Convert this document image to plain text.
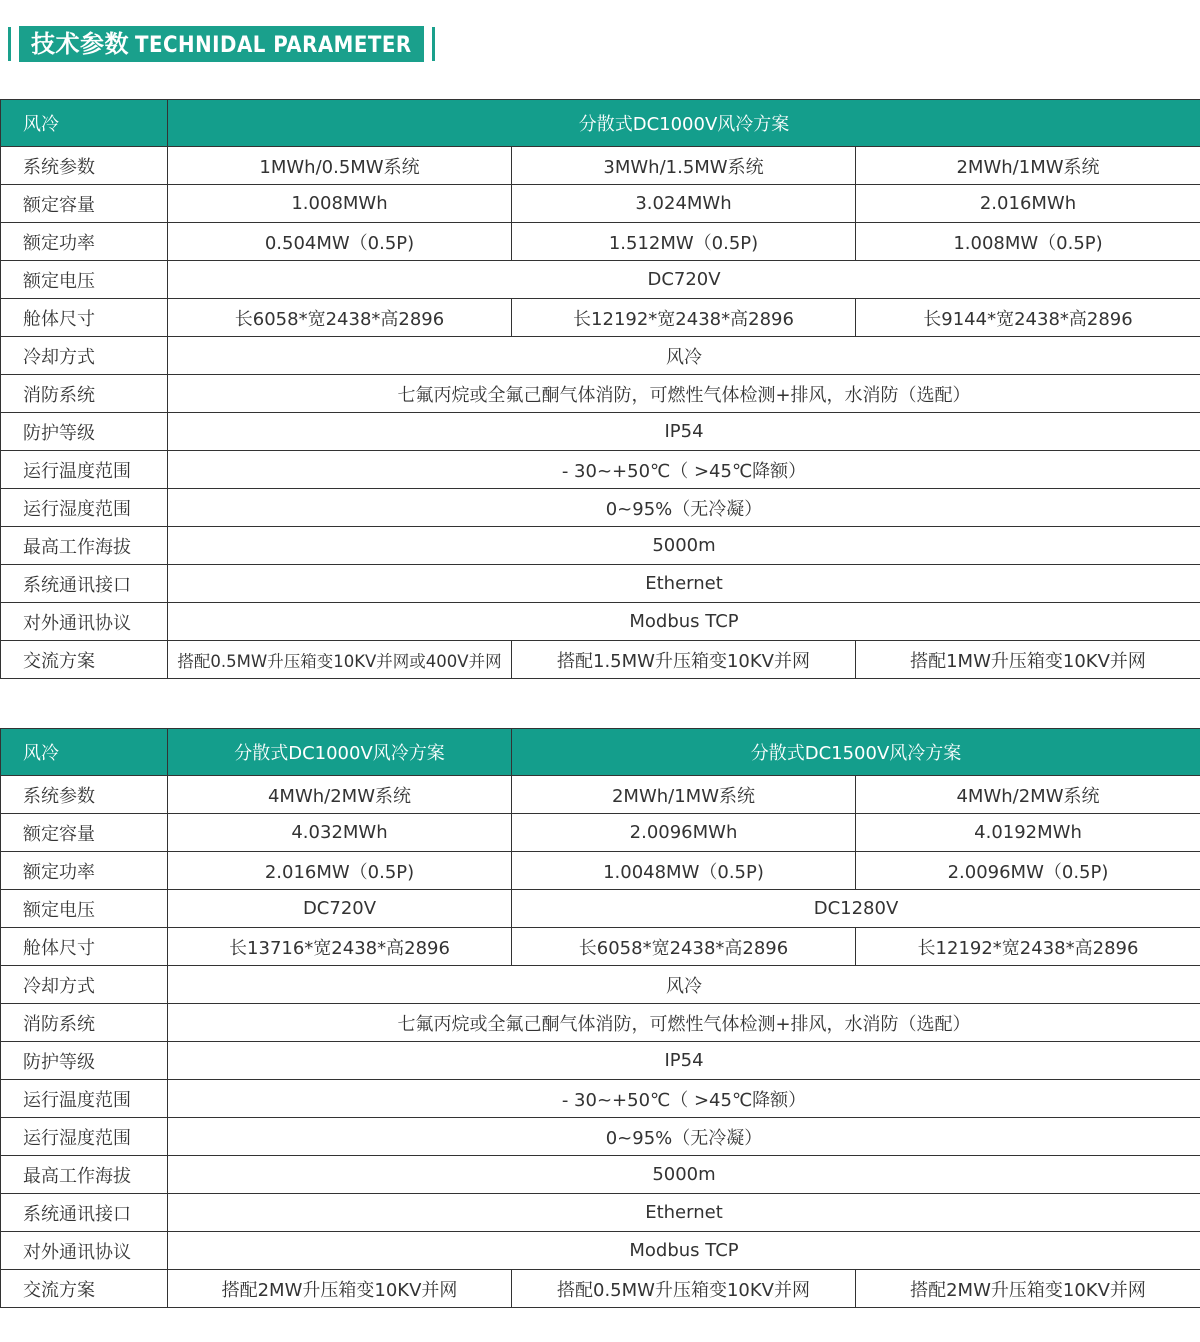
技术参数 TECHNIDAL PARAMETER
风冷	分散式DC1000V风冷方案		
系统参数	1MWh/0.5MW系统	3MWh/1.5MW系统	2MWh/1MW系统
额定容量	1.008MWh	3.024MWh	2.016MWh
额定功率	0.504MW（0.5P)	1.512MW（0.5P)	1.008MW（0.5P)
额定电压	DC720V		
舱体尺寸	长6058*宽2438*高2896	长12192*宽2438*高2896	长9144*宽2438*高2896
冷却方式	风冷		
消防系统	七氟丙烷或全氟己酮气体消防，可燃性气体检测+排风，水消防（选配）		
防护等级	IP54		
运行温度范围	- 30~+50℃（ >45℃降额）		
运行湿度范围	0~95%（无冷凝）		
最高工作海拔	5000m		
系统通讯接口	Ethernet		
对外通讯协议	Modbus TCP		
交流方案	搭配0.5MW升压箱变10KV并网或400V并网	搭配1.5MW升压箱变10KV并网	搭配1MW升压箱变10KV并网
风冷	分散式DC1000V风冷方案	分散式DC1500V风冷方案	
系统参数	4MWh/2MW系统	2MWh/1MW系统	4MWh/2MW系统
额定容量	4.032MWh	2.0096MWh	4.0192MWh
额定功率	2.016MW（0.5P)	1.0048MW（0.5P)	2.0096MW（0.5P)
额定电压	DC720V	DC1280V	
舱体尺寸	长13716*宽2438*高2896	长6058*宽2438*高2896	长12192*宽2438*高2896
冷却方式	风冷		
消防系统	七氟丙烷或全氟己酮气体消防，可燃性气体检测+排风，水消防（选配）		
防护等级	IP54		
运行温度范围	- 30~+50℃（ >45℃降额）		
运行湿度范围	0~95%（无冷凝）		
最高工作海拔	5000m		
系统通讯接口	Ethernet		
对外通讯协议	Modbus TCP		
交流方案	搭配2MW升压箱变10KV并网	搭配0.5MW升压箱变10KV并网	搭配2MW升压箱变10KV并网
